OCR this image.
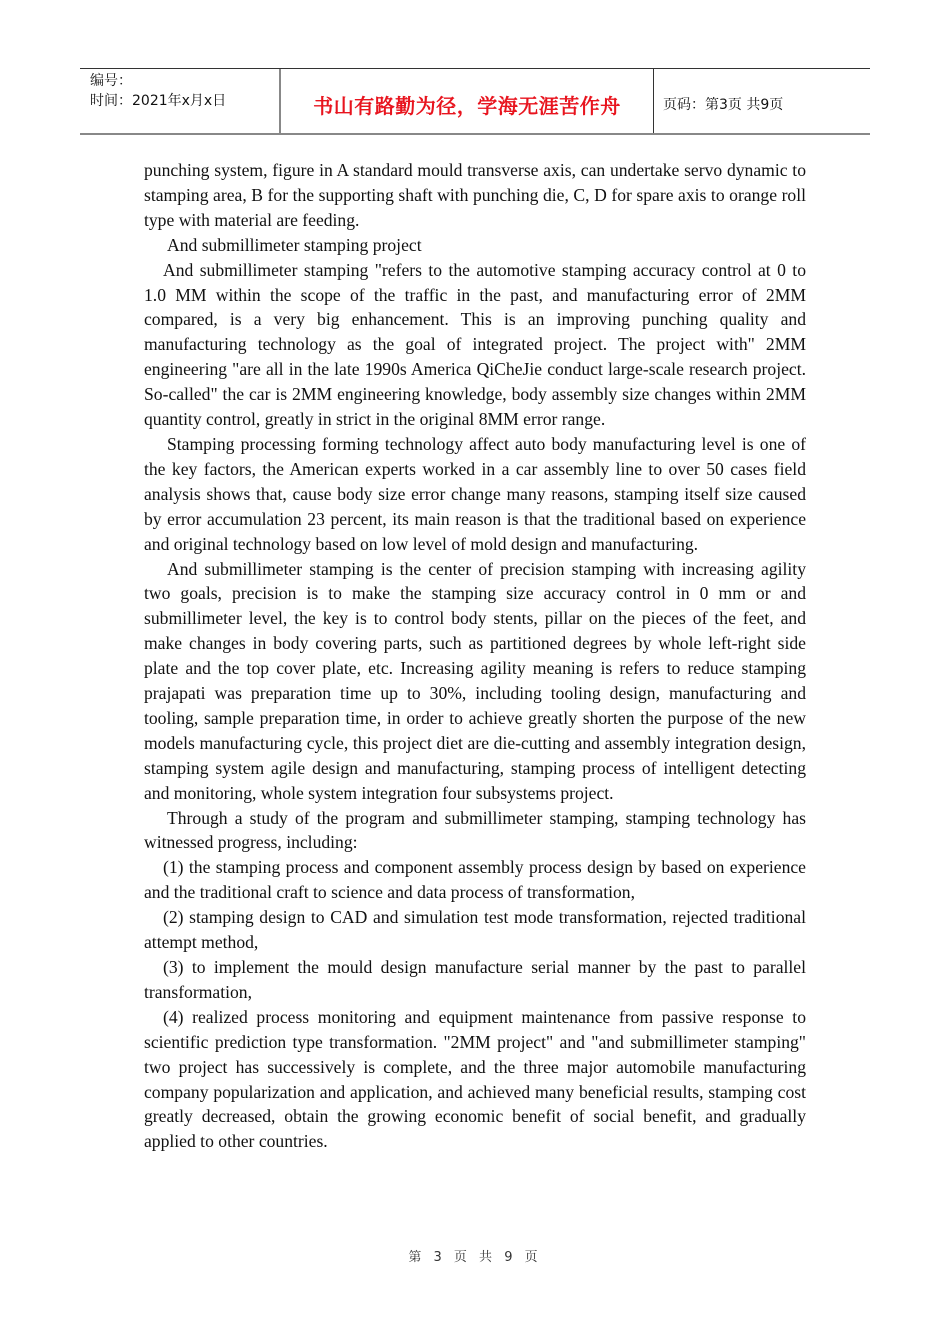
编号：
时间：2021年x月x日	书山有路勤为径，学海无涯苦作舟	页码：第3页 共9页

punching system, figure in A standard mould transverse axis, can undertake servo dynamic to stamping area, B for the supporting shaft with punching die, C, D for spare axis to orange roll type with material are feeding.

And submillimeter stamping project

And submillimeter stamping "refers to the automotive stamping accuracy control at 0 to 1.0 MM within the scope of the traffic in the past, and manufacturing error of 2MM compared, is a very big enhancement. This is an improving punching quality and manufacturing technology as the goal of integrated project. The project with" 2MM engineering "are all in the late 1990s America QiCheJie conduct large-scale research project. So-called" the car is 2MM engineering knowledge, body assembly size changes within 2MM quantity control, greatly in strict in the original 8MM error range.

Stamping processing forming technology affect auto body manufacturing level is one of the key factors, the American experts worked in a car assembly line to over 50 cases field analysis shows that, cause body size error change many reasons, stamping itself size caused by error accumulation 23 percent, its main reason is that the traditional based on experience and original technology based on low level of mold design and manufacturing.

And submillimeter stamping is the center of precision stamping with increasing agility two goals, precision is to make the stamping size accuracy control in 0 mm or and submillimeter level, the key is to control body stents, pillar on the pieces of the feet, and make changes in body covering parts, such as partitioned degrees by whole left-right side plate and the top cover plate, etc. Increasing agility meaning is refers to reduce stamping prajapati was preparation time up to 30%, including tooling design, manufacturing and tooling, sample preparation time, in order to achieve greatly shorten the purpose of the new models manufacturing cycle, this project diet are die-cutting and assembly integration design, stamping system agile design and manufacturing, stamping process of intelligent detecting and monitoring, whole system integration four subsystems project.

Through a study of the program and submillimeter stamping, stamping technology has witnessed progress, including:

(1) the stamping process and component assembly process design by based on experience and the traditional craft to science and data process of transformation,

(2) stamping design to CAD and simulation test mode transformation, rejected traditional attempt method,

(3) to implement the mould design manufacture serial manner by the past to parallel transformation,

(4) realized process monitoring and equipment maintenance from passive response to scientific prediction type transformation. "2MM project" and "and submillimeter stamping" two project has successively is complete, and the three major automobile manufacturing company popularization and application, and achieved many beneficial results, stamping cost greatly decreased, obtain the growing economic benefit of social benefit, and gradually applied to other countries.

第 3 页 共 9 页
